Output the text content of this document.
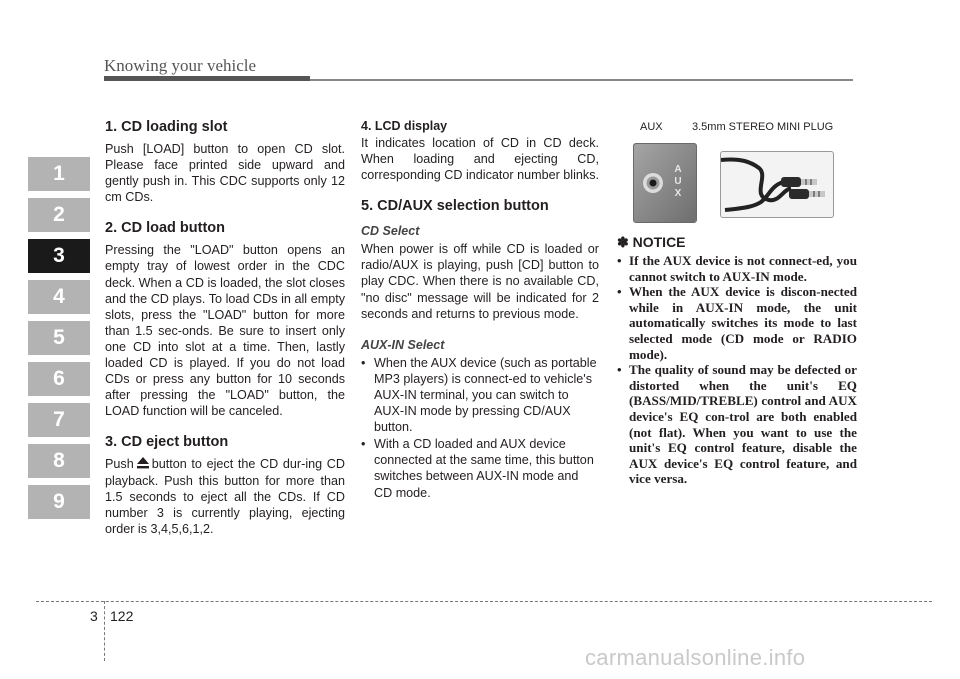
Knowing your vehicle
1
2
3
4
5
6
7
8
9
1. CD loading slot

Push [LOAD] button to open CD slot. Please face printed side upward and gently push in. This CDC supports only 12 cm CDs.

2. CD load button

Pressing the "LOAD" button opens an empty tray of lowest order in the CDC deck. When a CD is loaded, the slot closes and the CD plays. To load CDs in all empty slots, press the "LOAD" button for more than 1.5 sec-onds. Be sure to insert only one CD into slot at a time. Then, lastly loaded CD is played. If you do not load CDs or press any button for 10 seconds after pressing the "LOAD" button, the LOAD function will be canceled.

3. CD eject button

Push button to eject the CD dur-ing CD playback. Push this button for more than 1.5 seconds to eject all the CDs. If CD number 3 is currently playing, ejecting order is 3,4,5,6,1,2.

4. LCD display

It indicates location of CD in CD deck. When loading and ejecting CD, corresponding CD indicator number blinks.

5. CD/AUX selection button
CD Select

When power is off while CD is loaded or radio/AUX is playing, push [CD] button to play CDC. When there is no available CD, "no disc" message will be indicated for 2 seconds and returns to previous mode.

AUX-IN Select
• When the AUX device (such as portable MP3 players) is connect-ed to vehicle's AUX-IN terminal, you can switch to AUX-IN mode by pressing CD/AUX button.
• With a CD loaded and AUX device connected at the same time, this button switches between AUX-IN mode and CD mode.
AUX	3.5mm STEREO MINI PLUG
AUX
✽ NOTICE
• If the AUX device is not connect-ed, you cannot switch to AUX-IN mode.
• When the AUX device is discon-nected while in AUX-IN mode, the unit automatically switches its mode to last selected mode (CD mode or RADIO mode).
• The quality of sound may be defected or distorted when the unit's EQ (BASS/MID/TREBLE) control and AUX device's EQ con-trol are both enabled (not flat). When you want to use the unit's EQ control feature, disable the AUX device's EQ control feature, and vice versa.
3 122
carmanualsonline.info
